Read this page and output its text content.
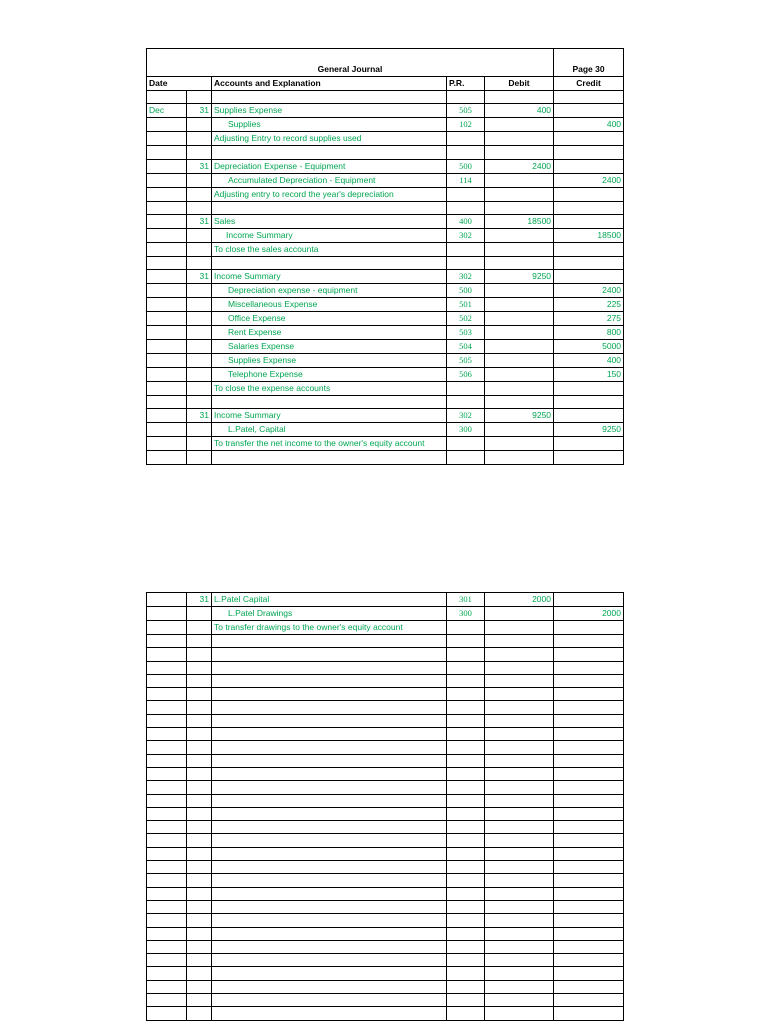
General Journal					Page 30
Date		Accounts and Explanation	P.R.	Debit	Credit

Dec	31	Supplies Expense	505	400	
		Supplies	102		400
		Adjusting Entry to record supplies used			

	31	Depreciation Expense - Equipment	500	2400	
		Accumulated Depreciation - Equipment	114		2400
		Adjusting entry to record the year's depreciation			

	31	Sales	400	18500	
		Income Summary	302		18500
		To close the sales accounta			

	31	Income Summary	302	9250	
		Depreciation expense - equipment	500		2400
		Miscellaneous Expense	501		225
		Office Expense	502		275
		Rent Expense	503		800
		Salaries Expense	504		5000
		Supplies Expense	505		400
		Telephone Expense	506		150
		To close the expense accounts			

	31	Income Summary	302	9250	
		L.Patel, Capital	300		9250
		To transfer the net income to the owner's equity account			

	31	L.Patel Capital	301	2000	
		L.Patel Drawings	300		2000
		To transfer drawings to the owner's equity account			
